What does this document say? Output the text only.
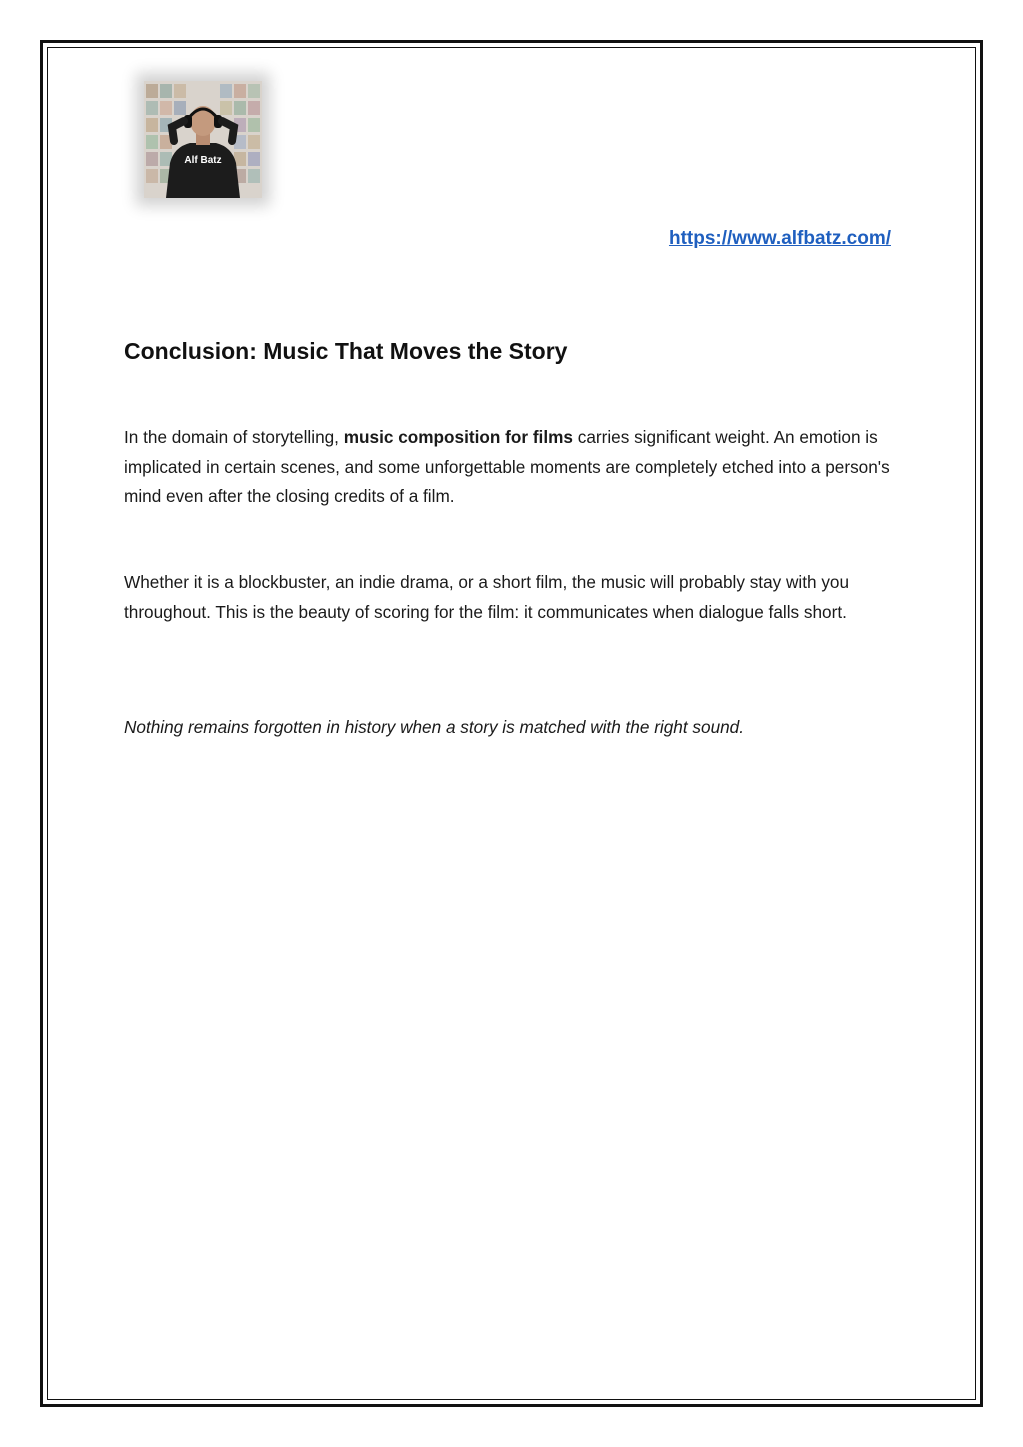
Alf Batz
https://www.alfbatz.com/
Conclusion: Music That Moves the Story

In the domain of storytelling, music composition for films carries significant weight. An emotion is implicated in certain scenes, and some unforgettable moments are completely etched into a person's mind even after the closing credits of a film.

Whether it is a blockbuster, an indie drama, or a short film, the music will probably stay with you throughout. This is the beauty of scoring for the film: it communicates when dialogue falls short.

Nothing remains forgotten in history when a story is matched with the right sound.
